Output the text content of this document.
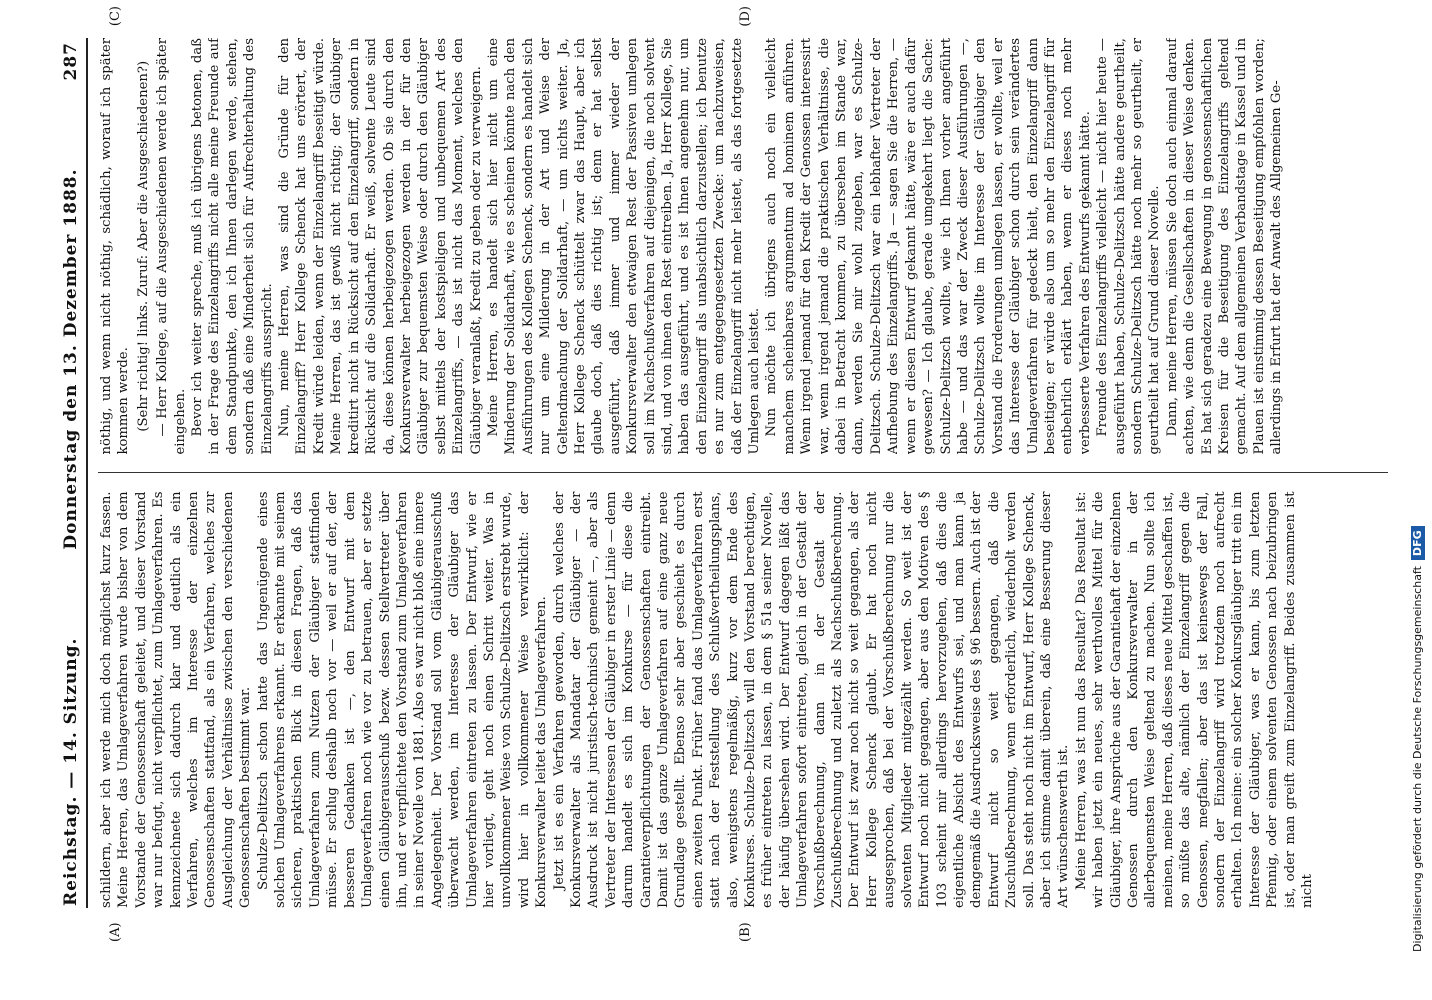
Reichstag. — 14. Sitzung.
Donnerstag den 13. Dezember 1888.
287
(A)	(B)
(C)	(D)

schildern, aber ich werde mich doch möglichst kurz fassen. Meine Herren, das Umlageverfahren wurde bisher von dem Vorstande der Genossenschaft geleitet, und dieser Vorstand war nur befugt, nicht verpflichtet, zum Umlageverfahren. Es kennzeichnete sich dadurch klar und deutlich als ein Verfahren, welches im Interesse der einzelnen Genossenschaften stattfand, als ein Verfahren, welches zur Ausgleichung der Verhältnisse zwischen den verschiedenen Genossenschaften bestimmt war. Schulze-Delitzsch schon hatte das Ungenügende eines solchen Umlageverfahrens erkannt. Er erkannte mit seinem sicheren, praktischen Blick in diesen Fragen, daß das Umlageverfahren zum Nutzen der Gläubiger stattfinden müsse. Er schlug deshalb noch vor — weil er auf der, der besseren Gedanken ist —, den Entwurf mit dem Umlageverfahren noch wie vor zu betrauen, aber er setzte einen Gläubigerausschuß bezw. dessen Stellvertreter über ihn, und er verpflichtete den Vorstand zum Umlageverfahren in seiner Novelle von 1881. Also es war nicht bloß eine innere Angelegenheit. Der Vorstand soll vom Gläubigerausschuß überwacht werden, im Interesse der Gläubiger das Umlageverfahren eintreten zu lassen. Der Entwurf, wie er hier vorliegt, geht noch einen Schritt weiter. Was in unvollkommener Weise von Schulze-Delitzsch erstrebt wurde, wird hier in vollkommener Weise verwirklicht: der Konkursverwalter leitet das Umlageverfahren. Jetzt ist es ein Verfahren geworden, durch welches der Konkursverwalter als Mandatar der Gläubiger — der Ausdruck ist nicht juristisch-technisch gemeint —, aber als Vertreter der Interessen der Gläubiger in erster Linie — denn darum handelt es sich im Konkurse — für diese die Garantieverpflichtungen der Genossenschaften eintreibt. Damit ist das ganze Umlageverfahren auf eine ganz neue Grundlage gestellt. Ebenso sehr aber geschieht es durch einen zweiten Punkt. Früher fand das Umlageverfahren erst statt nach der Feststellung des Schlußvertheilungsplans, also, wenigstens regelmäßig, kurz vor dem Ende des Konkurses. Schulze-Delitzsch will den Vorstand berechtigen, es früher eintreten zu lassen, in dem § 51a seiner Novelle, der häufig übersehen wird. Der Entwurf dagegen läßt das Umlageverfahren sofort eintreten, gleich in der Gestalt der Vorschußberechnung, dann in der Gestalt der Zuschußberechnung und zuletzt als Nachschußberechnung. Der Entwurf ist zwar noch nicht so weit gegangen, als der Herr Kollege Schenck glaubt. Er hat noch nicht ausgesprochen, daß bei der Vorschußberechnung nur die solventen Mitglieder mitgezählt werden. So weit ist der Entwurf noch nicht gegangen, aber aus den Motiven des § 103 scheint mir allerdings hervorzugehen, daß dies die eigentliche Absicht des Entwurfs sei, und man kann ja demgemäß die Ausdrucksweise des § 96 bessern. Auch ist der Entwurf nicht so weit gegangen, daß die Zuschußberechnung, wenn erforderlich, wiederholt werden soll. Das steht noch nicht im Entwurf, Herr Kollege Schenck, aber ich stimme damit überein, daß eine Besserung dieser Art wünschenswerth ist. Meine Herren, was ist nun das Resultat? Das Resultat ist: wir haben jetzt ein neues, sehr werthvolles Mittel für die Gläubiger, ihre Ansprüche aus der Garantiehaft der einzelnen Genossen durch den Konkursverwalter in der allerbequemsten Weise geltend zu machen. Nun sollte ich meinen, meine Herren, daß dieses neue Mittel geschaffen ist, so müßte das alte, nämlich der Einzelangriff gegen die Genossen, megfallen; aber das ist keineswegs der Fall, sondern der Einzelangriff wird trotzdem noch aufrecht erhalten. Ich meine: ein solcher Konkursgläubiger tritt ein im Interesse der Gläubiger, was er kann, bis zum letzten Pfennig, oder einem solventen Genossen nach beizubringen ist, oder man greift zum Einzelangriff. Beides zusammen ist nicht

nöthig, und wenn nicht nöthig, schädlich, worauf ich später kommen werde. (Sehr richtig! links. Zuruf: Aber die Ausgeschiedenen?) — Herr Kollege, auf die Ausgeschiedenen werde ich später eingehen. Bevor ich weiter spreche, muß ich übrigens betonen, daß in der Frage des Einzelangriffs nicht alle meine Freunde auf dem Standpunkte, den ich Ihnen darlegen werde, stehen, sondern daß eine Minderheit sich für Aufrechterhaltung des Einzelangriffs ausspricht. Nun, meine Herren, was sind die Gründe für den Einzelangriff? Herr Kollege Schenck hat uns erörtert, der Kredit würde leiden, wenn der Einzelangriff beseitigt würde. Meine Herren, das ist gewiß nicht richtig; der Gläubiger kreditirt nicht in Rücksicht auf den Einzelangriff, sondern in Rücksicht auf die Solidarhaft. Er weiß, solvente Leute sind da, diese können herbeigezogen werden. Ob sie durch den Konkursverwalter herbeigezogen werden in der für den Gläubiger zur bequemsten Weise oder durch den Gläubiger selbst mittels der kostspieligen und unbequemen Art des Einzelangriffs, — das ist nicht das Moment, welches den Gläubiger veranlaßt, Kredit zu geben oder zu verweigern. Meine Herren, es handelt sich hier nicht um eine Minderung der Solidarhaft, wie es scheinen könnte nach den Ausführungen des Kollegen Schenck, sondern es handelt sich nur um eine Milderung in der Art und Weise der Geltendmachung der Solidarhaft, — um nichts weiter. Ja, Herr Kollege Schenck schüttelt zwar das Haupt, aber ich glaube doch, daß dies richtig ist; denn er hat selbst ausgeführt, daß immer und immer wieder der Konkursverwalter den etwaigen Rest der Passiven umlegen soll im Nachschußverfahren auf diejenigen, die noch solvent sind, und von ihnen den Rest eintreiben. Ja, Herr Kollege, Sie haben das ausgeführt, und es ist Ihnen angenehm nur, um den Einzelangriff als unabsichtlich darzustellen; ich benutze es nur zum entgegengesetzten Zwecke: um nachzuweisen, daß der Einzelangriff nicht mehr leistet, als das fortgesetzte Umlegen auch leistet. Nun möchte ich übrigens auch noch ein vielleicht manchem scheinbares argumentum ad hominem anführen. Wenn irgend jemand für den Kredit der Genossen interessirt war, wenn irgend jemand die praktischen Verhältnisse, die dabei in Betracht kommen, zu übersehen im Stande war, dann, werden Sie mir wohl zugeben, war es Schulze-Delitzsch. Schulze-Delitzsch war ein lebhafter Vertreter der Aufhebung des Einzelangriffs. Ja — sagen Sie die Herren, — wenn er diesen Entwurf gekannt hätte, wäre er auch dafür gewesen? — Ich glaube, gerade umgekehrt liegt die Sache: Schulze-Delitzsch wollte, wie ich Ihnen vorher angeführt habe — und das war der Zweck dieser Ausführungen —, Schulze-Delitzsch wollte im Interesse der Gläubiger den Vorstand die Forderungen umlegen lassen, er wollte, weil er das Interesse der Gläubiger schon durch sein verändertes Umlageverfahren für gedeckt hielt, den Einzelangriff dann beseitigen; er würde also um so mehr den Einzelangriff für entbehrlich erklärt haben, wenn er dieses noch mehr verbesserte Verfahren des Entwurfs gekannt hätte. Freunde des Einzelangriffs vielleicht — nicht hier heute — ausgeführt haben, Schulze-Delitzsch hätte andere geurtheilt, sondern Schulze-Delitzsch hätte noch mehr so geurtheilt, er geurtheilt hat auf Grund dieser Novelle. Dann, meine Herren, müssen Sie doch auch einmal darauf achten, wie denn die Gesellschaften in dieser Weise denken. Es hat sich geradezu eine Bewegung in genossenschaftlichen Kreisen für die Beseitigung des Einzelangriffs geltend gemacht. Auf dem allgemeinen Verbandstage in Kassel und in Plauen ist einstimmig dessen Beseitigung empfohlen worden; allerdings in Erfurt hat der Anwalt des Allgemeinen Ge-

Digitalisierung gefördert durch die Deutsche ForschungsgemeinschaftDFG
